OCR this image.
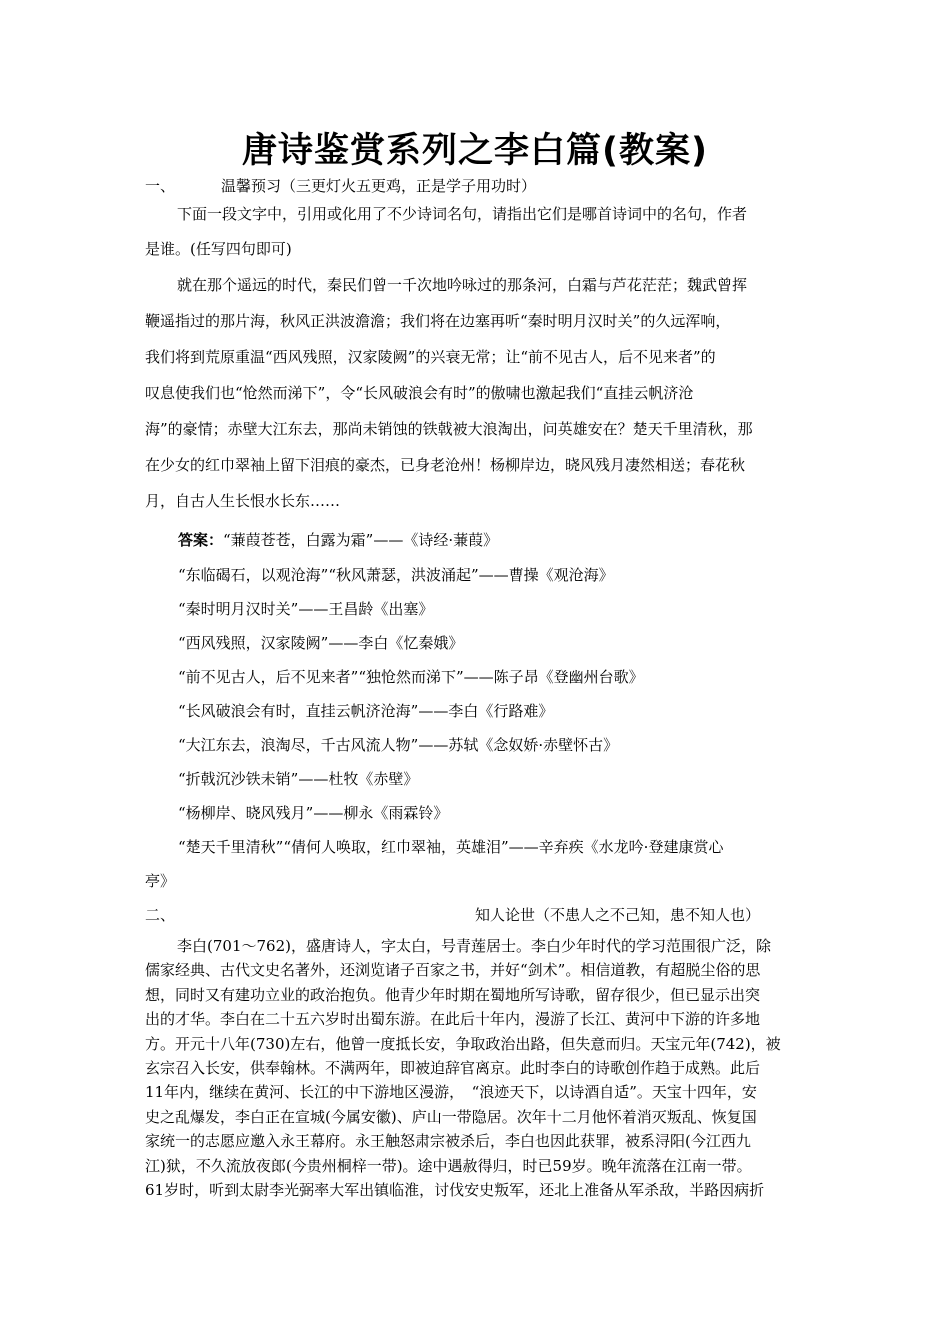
唐诗鉴赏系列之李白篇(教案)
一、	温馨预习（三更灯火五更鸡，正是学子用功时）
下面一段文字中，引用或化用了不少诗词名句，请指出它们是哪首诗词中的名句，作者
是谁。(任写四句即可)
就在那个遥远的时代，秦民们曾一千次地吟咏过的那条河，白霜与芦花茫茫；魏武曾挥
鞭遥指过的那片海，秋风正洪波澹澹；我们将在边塞再听“秦时明月汉时关”的久远浑响，
我们将到荒原重温“西风残照，汉家陵阙”的兴衰无常；让“前不见古人，后不见来者”的
叹息使我们也“怆然而涕下”，令“长风破浪会有时”的傲啸也激起我们“直挂云帆济沧
海”的豪情；赤壁大江东去，那尚未销蚀的铁戟被大浪淘出，问英雄安在？楚天千里清秋，那
在少女的红巾翠袖上留下泪痕的豪杰，已身老沧州！杨柳岸边，晓风残月凄然相送；春花秋
月，自古人生长恨水长东……
答案：“蒹葭苍苍，白露为霜”——《诗经·蒹葭》
“东临碣石，以观沧海”“秋风萧瑟，洪波涌起”——曹操《观沧海》
“秦时明月汉时关”——王昌龄《出塞》
“西风残照，汉家陵阙”——李白《忆秦娥》
“前不见古人，后不见来者”“独怆然而涕下”——陈子昂《登幽州台歌》
“长风破浪会有时，直挂云帆济沧海”——李白《行路难》
“大江东去，浪淘尽，千古风流人物”——苏轼《念奴娇·赤壁怀古》
“折戟沉沙铁未销”——杜牧《赤壁》
“杨柳岸、晓风残月”——柳永《雨霖铃》
“楚天千里清秋”“倩何人唤取，红巾翠袖，英雄泪”——辛弃疾《水龙吟·登建康赏心
亭》
二、	知人论世（不患人之不己知，患不知人也）
李白(701～762)，盛唐诗人，字太白，号青莲居士。李白少年时代的学习范围很广泛，除
儒家经典、古代文史名著外，还浏览诸子百家之书，并好“剑术”。相信道教，有超脱尘俗的思
想，同时又有建功立业的政治抱负。他青少年时期在蜀地所写诗歌，留存很少，但已显示出突
出的才华。李白在二十五六岁时出蜀东游。在此后十年内，漫游了长江、黄河中下游的许多地
方。开元十八年(730)左右，他曾一度抵长安，争取政治出路，但失意而归。天宝元年(742)，被
玄宗召入长安，供奉翰林。不满两年，即被迫辞官离京。此时李白的诗歌创作趋于成熟。此后
11年内，继续在黄河、长江的中下游地区漫游，　“浪迹天下，以诗酒自适”。天宝十四年，安
史之乱爆发，李白正在宣城(今属安徽)、庐山一带隐居。次年十二月他怀着消灭叛乱、恢复国
家统一的志愿应邀入永王幕府。永王触怒肃宗被杀后，李白也因此获罪，被系浔阳(今江西九
江)狱，不久流放夜郎(今贵州桐梓一带)。途中遇赦得归，时已59岁。晚年流落在江南一带。
61岁时，听到太尉李光弼率大军出镇临淮，讨伐安史叛军，还北上准备从军杀敌，半路因病折
